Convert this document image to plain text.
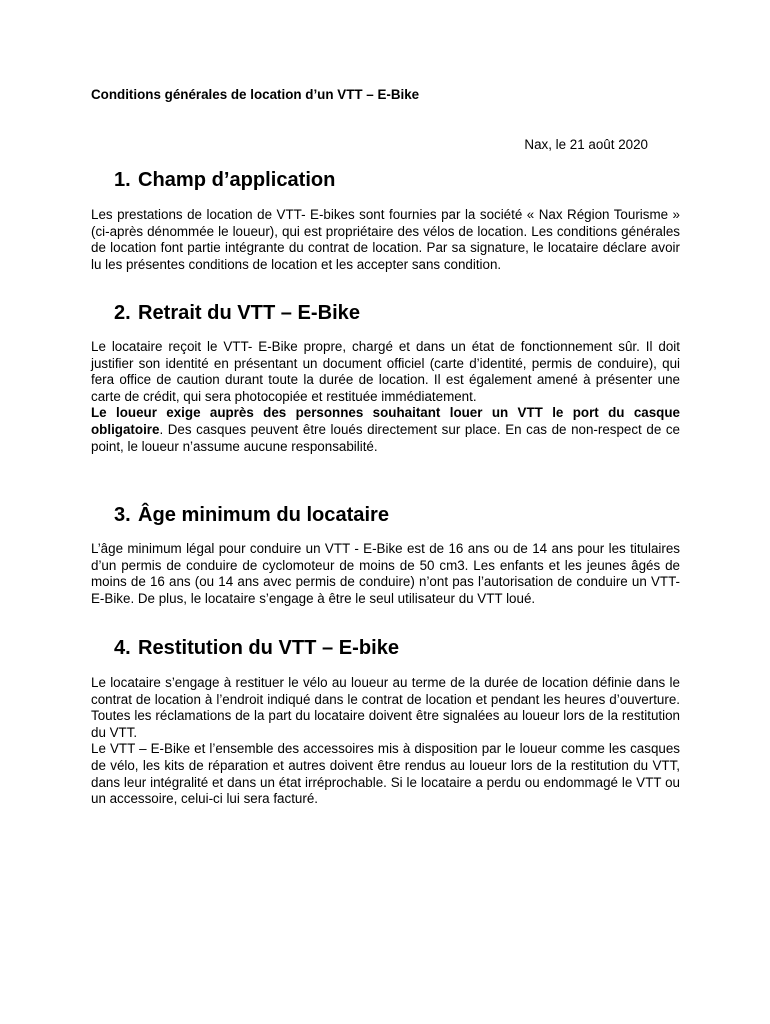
Conditions générales de location d’un VTT – E-Bike

Nax, le 21 août 2020

1. Champ d’application

Les prestations de location de VTT- E-bikes sont fournies par la société « Nax Région Tourisme » (ci-après dénommée le loueur), qui est propriétaire des vélos de location. Les conditions générales de location font partie intégrante du contrat de location. Par sa signature, le locataire déclare avoir lu les présentes conditions de location et les accepter sans condition.

2. Retrait du VTT – E-Bike

Le locataire reçoit le VTT- E-Bike propre, chargé et dans un état de fonctionnement sûr. Il doit justifier son identité en présentant un document officiel (carte d’identité, permis de conduire), qui fera office de caution durant toute la durée de location. Il est également amené à présenter une carte de crédit, qui sera photocopiée et restituée immédiatement.

Le loueur exige auprès des personnes souhaitant louer un VTT le port du casque obligatoire. Des casques peuvent être loués directement sur place. En cas de non-respect de ce point, le loueur n’assume aucune responsabilité.

3. Âge minimum du locataire

L’âge minimum légal pour conduire un VTT - E-Bike est de 16 ans ou de 14 ans pour les titulaires d’un permis de conduire de cyclomoteur de moins de 50 cm3. Les enfants et les jeunes âgés de moins de 16 ans (ou 14 ans avec permis de conduire) n’ont pas l’autorisation de conduire un VTT- E-Bike. De plus, le locataire s’engage à être le seul utilisateur du VTT loué.

4. Restitution du VTT – E-bike

Le locataire s’engage à restituer le vélo au loueur au terme de la durée de location définie dans le contrat de location à l’endroit indiqué dans le contrat de location et pendant les heures d’ouverture. Toutes les réclamations de la part du locataire doivent être signalées au loueur lors de la restitution du VTT.

Le VTT – E-Bike et l’ensemble des accessoires mis à disposition par le loueur comme les casques de vélo, les kits de réparation et autres doivent être rendus au loueur lors de la restitution du VTT, dans leur intégralité et dans un état irréprochable. Si le locataire a perdu ou endommagé le VTT ou un accessoire, celui-ci lui sera facturé.
